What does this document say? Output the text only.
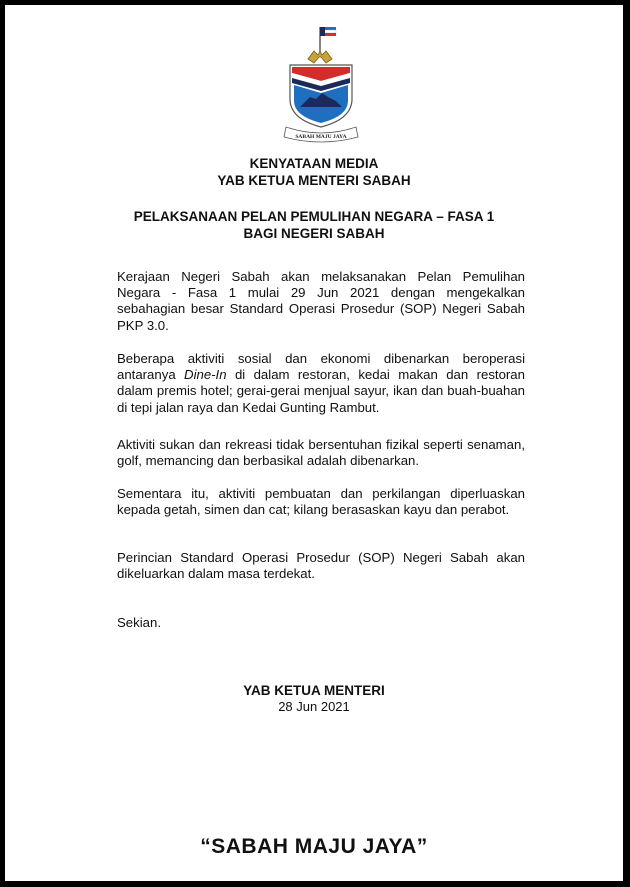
SABAH MAJU JAYA
KENYATAAN MEDIA
YAB KETUA MENTERI SABAH
PELAKSANAAN PELAN PEMULIHAN NEGARA – FASA 1
BAGI NEGERI SABAH

Kerajaan Negeri Sabah akan melaksanakan Pelan Pemulihan Negara - Fasa 1 mulai 29 Jun 2021 dengan mengekalkan sebahagian besar Standard Operasi Prosedur (SOP) Negeri Sabah PKP 3.0.

Beberapa aktiviti sosial dan ekonomi dibenarkan beroperasi antaranya Dine-In di dalam restoran, kedai makan dan restoran dalam premis hotel; gerai-gerai menjual sayur, ikan dan buah-buahan di tepi jalan raya dan Kedai Gunting Rambut.

Aktiviti sukan dan rekreasi tidak bersentuhan fizikal seperti senaman, golf, memancing dan berbasikal adalah dibenarkan.

Sementara itu, aktiviti pembuatan dan perkilangan diperluaskan kepada getah, simen dan cat; kilang berasaskan kayu dan perabot.

Perincian Standard Operasi Prosedur (SOP) Negeri Sabah akan dikeluarkan dalam masa terdekat.

Sekian.

YAB KETUA MENTERI
28 Jun 2021
“SABAH MAJU JAYA”
